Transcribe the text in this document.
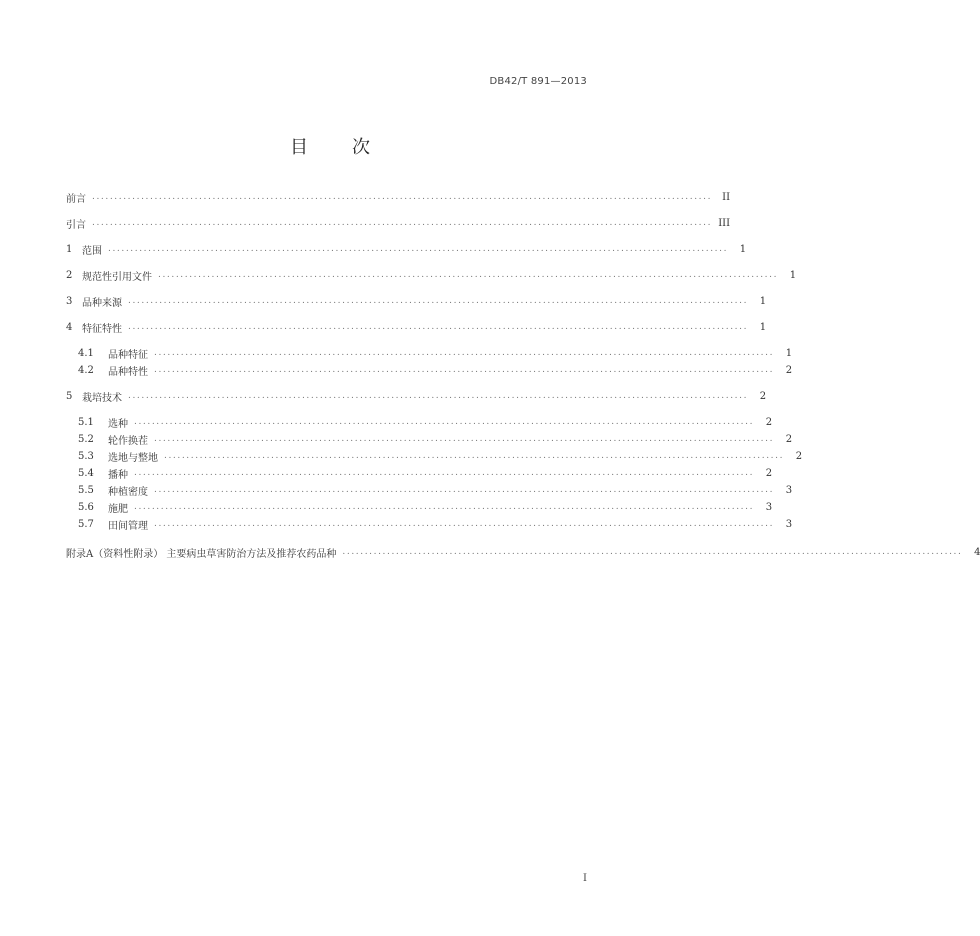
DB42/T 891—2013
目 次
前言 ...........................................................................................................................................	II
引言 ........................................................................................................................................... III
1 范围 ...........................................................................................................................................	1
2 规范性引用文件 ...........................................................................................................................................	1
3 品种来源 ...........................................................................................................................................	1
4 特征特性 ...........................................................................................................................................	1
4.1	品种特征 ...........................................................................................................................................	1
4.2	品种特性 ...........................................................................................................................................	2
5 栽培技术 ...........................................................................................................................................	2
5.1	选种 ...........................................................................................................................................	2
5.2	轮作换茬 ...........................................................................................................................................	2
5.3	选地与整地 ...........................................................................................................................................	2
5.4	播种 ...........................................................................................................................................	2
5.5	种植密度 ...........................................................................................................................................	3
5.6	施肥 ...........................................................................................................................................	3
5.7	田间管理 ...........................................................................................................................................	3
附录A（资料性附录） 主要病虫草害防治方法及推荐农药品种 ...........................................................................................................................................	4
I
